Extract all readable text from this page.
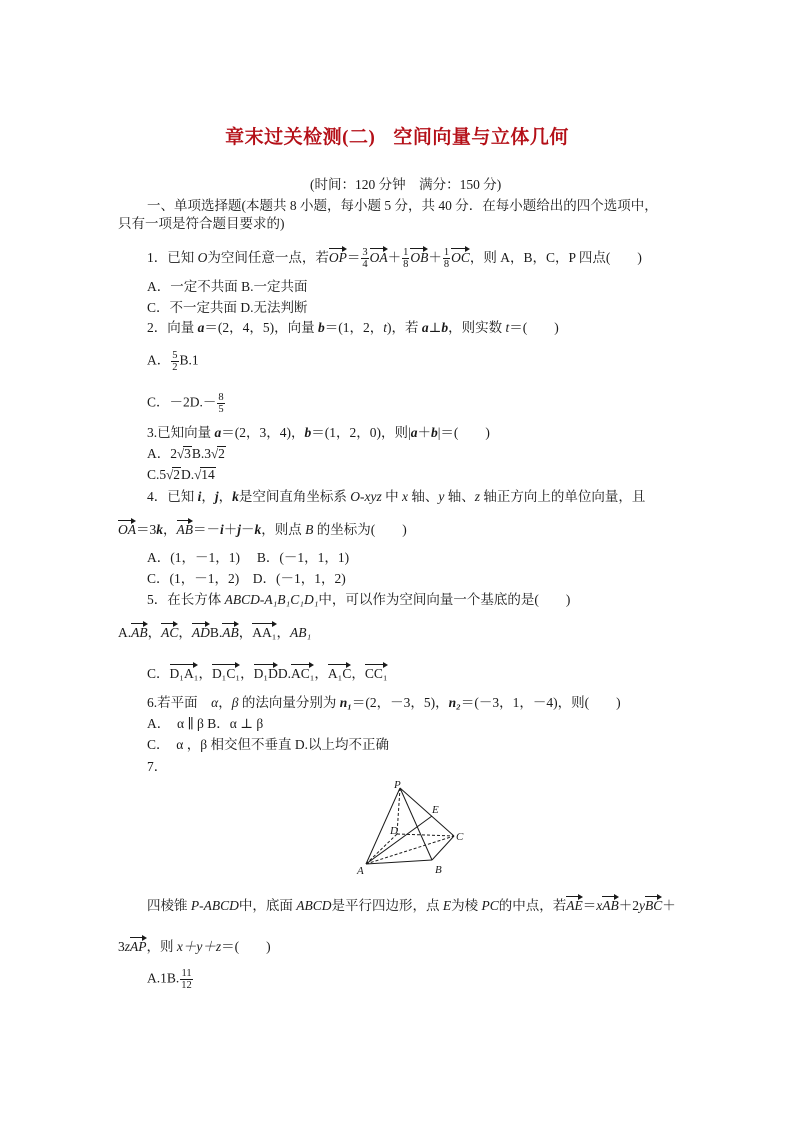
章末过关检测(二) 空间向量与立体几何
(时间：120 分钟　满分：150 分)
一、单项选择题(本题共 8 小题，每小题 5 分，共 40 分．在每小题给出的四个选项中，
只有一项是符合题目要求的)
1．已知 O为空间任意一点，若$OP= \frac{3}{4} OA+ \frac{1}{8} OB+ \frac{1}{8}$ OC，则 A，B，C，P 四点(　　)
A．一定不共面 B.一定共面
C．不一定共面 D.无法判断
2．向量 a＝(2，4，5)，向量 b＝(1，2，t)，若 a⊥b，则实数 t＝(　　)
A． $\frac{5}{2} B.1$
C．$-2D.- \frac{8}{5}$
3.已知向量 a＝(2，3，4)，b＝(1，2，0)，则|a＋b|＝(　　)
A．2√3B.3√2
C.5√2D.√14
4．已知 i，j，k是空间直角坐标系 O-xyz 中 x 轴、y 轴、z 轴正方向上的单位向量，且
OA＝3k，AB＝－i＋j－k，则点 B 的坐标为(　　)
A．(1，－1，1)　 B．(－1，1，1)
C．(1，－1，2)　D．(－1，1，2)
5．在长方体 ABCD-A₁B₁C₁D₁中，可以作为空间向量一个基底的是(　　)
A.AB，AC，ADB.AB，AA₁，AB₁
C．D₁A₁，D₁C₁，D₁DD.AC₁，A₁C，CC₁
6.若平面　α，β 的法向量分别为 n₁＝(2，－3，5)，n₂＝(－3，1，－4)，则(　　)
A．　α ∥ β B．α ⊥ β
C．　α ，β 相交但不垂直 D.以上均不正确
7．
P
E
D	C
A	B
四棱锥 P-ABCD中，底面 ABCD是平行四边形，点 E为棱 PC的中点，若AE＝xAB＋2yBC＋
3zAP，则 x＋y＋z＝(　　)
A.1B. $\frac{11}{12}$
